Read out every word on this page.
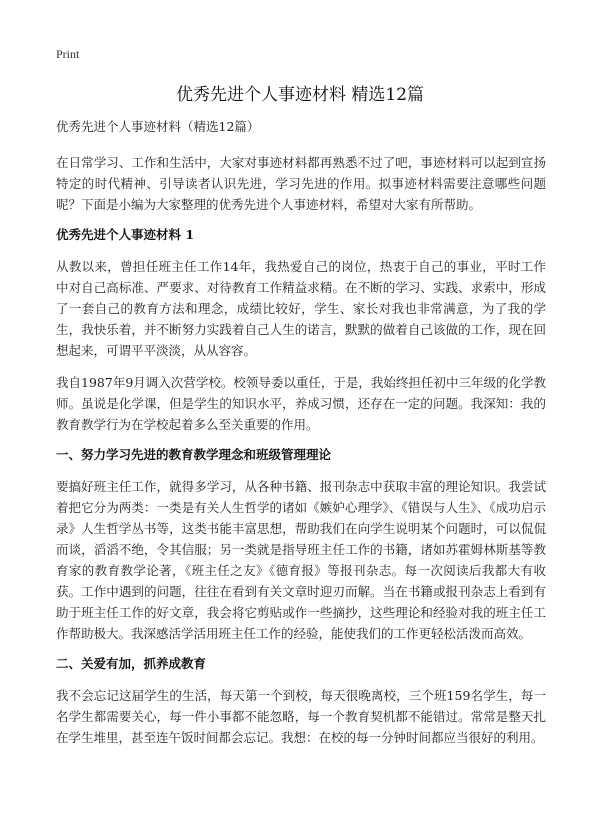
Print
优秀先进个人事迹材料 精选12篇
优秀先进个人事迹材料（精选12篇）

在日常学习、工作和生活中，大家对事迹材料都再熟悉不过了吧，事迹材料可以起到宣扬特定的时代精神、引导读者认识先进，学习先进的作用。拟事迹材料需要注意哪些问题呢？下面是小编为大家整理的优秀先进个人事迹材料，希望对大家有所帮助。

优秀先进个人事迹材料 1

从教以来，曾担任班主任工作14年，我热爱自己的岗位，热衷于自己的事业，平时工作中对自己高标准、严要求、对待教育工作精益求精。在不断的学习、实践、求索中，形成了一套自己的教育方法和理念，成绩比较好，学生、家长对我也非常满意，为了我的学生，我快乐着，并不断努力实践着自己人生的诺言，默默的做着自己该做的工作，现在回想起来，可谓平平淡淡，从从容容。

我自1987年9月调入次营学校。校领导委以重任，于是，我始终担任初中三年级的化学教师。虽说是化学课，但是学生的知识水平，养成习惯，还存在一定的问题。我深知：我的教育教学行为在学校起着多么至关重要的作用。

一、努力学习先进的教育教学理念和班级管理理论

要搞好班主任工作，就得多学习，从各种书籍、报刊杂志中获取丰富的理论知识。我尝试着把它分为两类：一类是有关人生哲学的诸如《嫉妒心理学》、《错误与人生》、《成功启示录》人生哲学丛书等，这类书能丰富思想，帮助我们在向学生说明某个问题时，可以侃侃而谈，滔滔不绝，令其信服；另一类就是指导班主任工作的书籍，诸如苏霍姆林斯基等教育家的教育教学论著，《班主任之友》《德育报》等报刊杂志。每一次阅读后我都大有收获。工作中遇到的问题，往往在看到有关文章时迎刃而解。当在书籍或报刊杂志上看到有助于班主任工作的好文章，我会将它剪贴或作一些摘抄，这些理论和经验对我的班主任工作帮助极大。我深感活学活用班主任工作的经验，能使我们的工作更轻松活泼而高效。

二、关爱有加，抓养成教育

我不会忘记这届学生的生活，每天第一个到校，每天很晚离校，三个班159名学生，每一名学生都需要关心，每一件小事都不能忽略，每一个教育契机都不能错过。常常是整天扎在学生堆里，甚至连午饭时间都会忘记。我想：在校的每一分钟时间都应当很好的利用。
